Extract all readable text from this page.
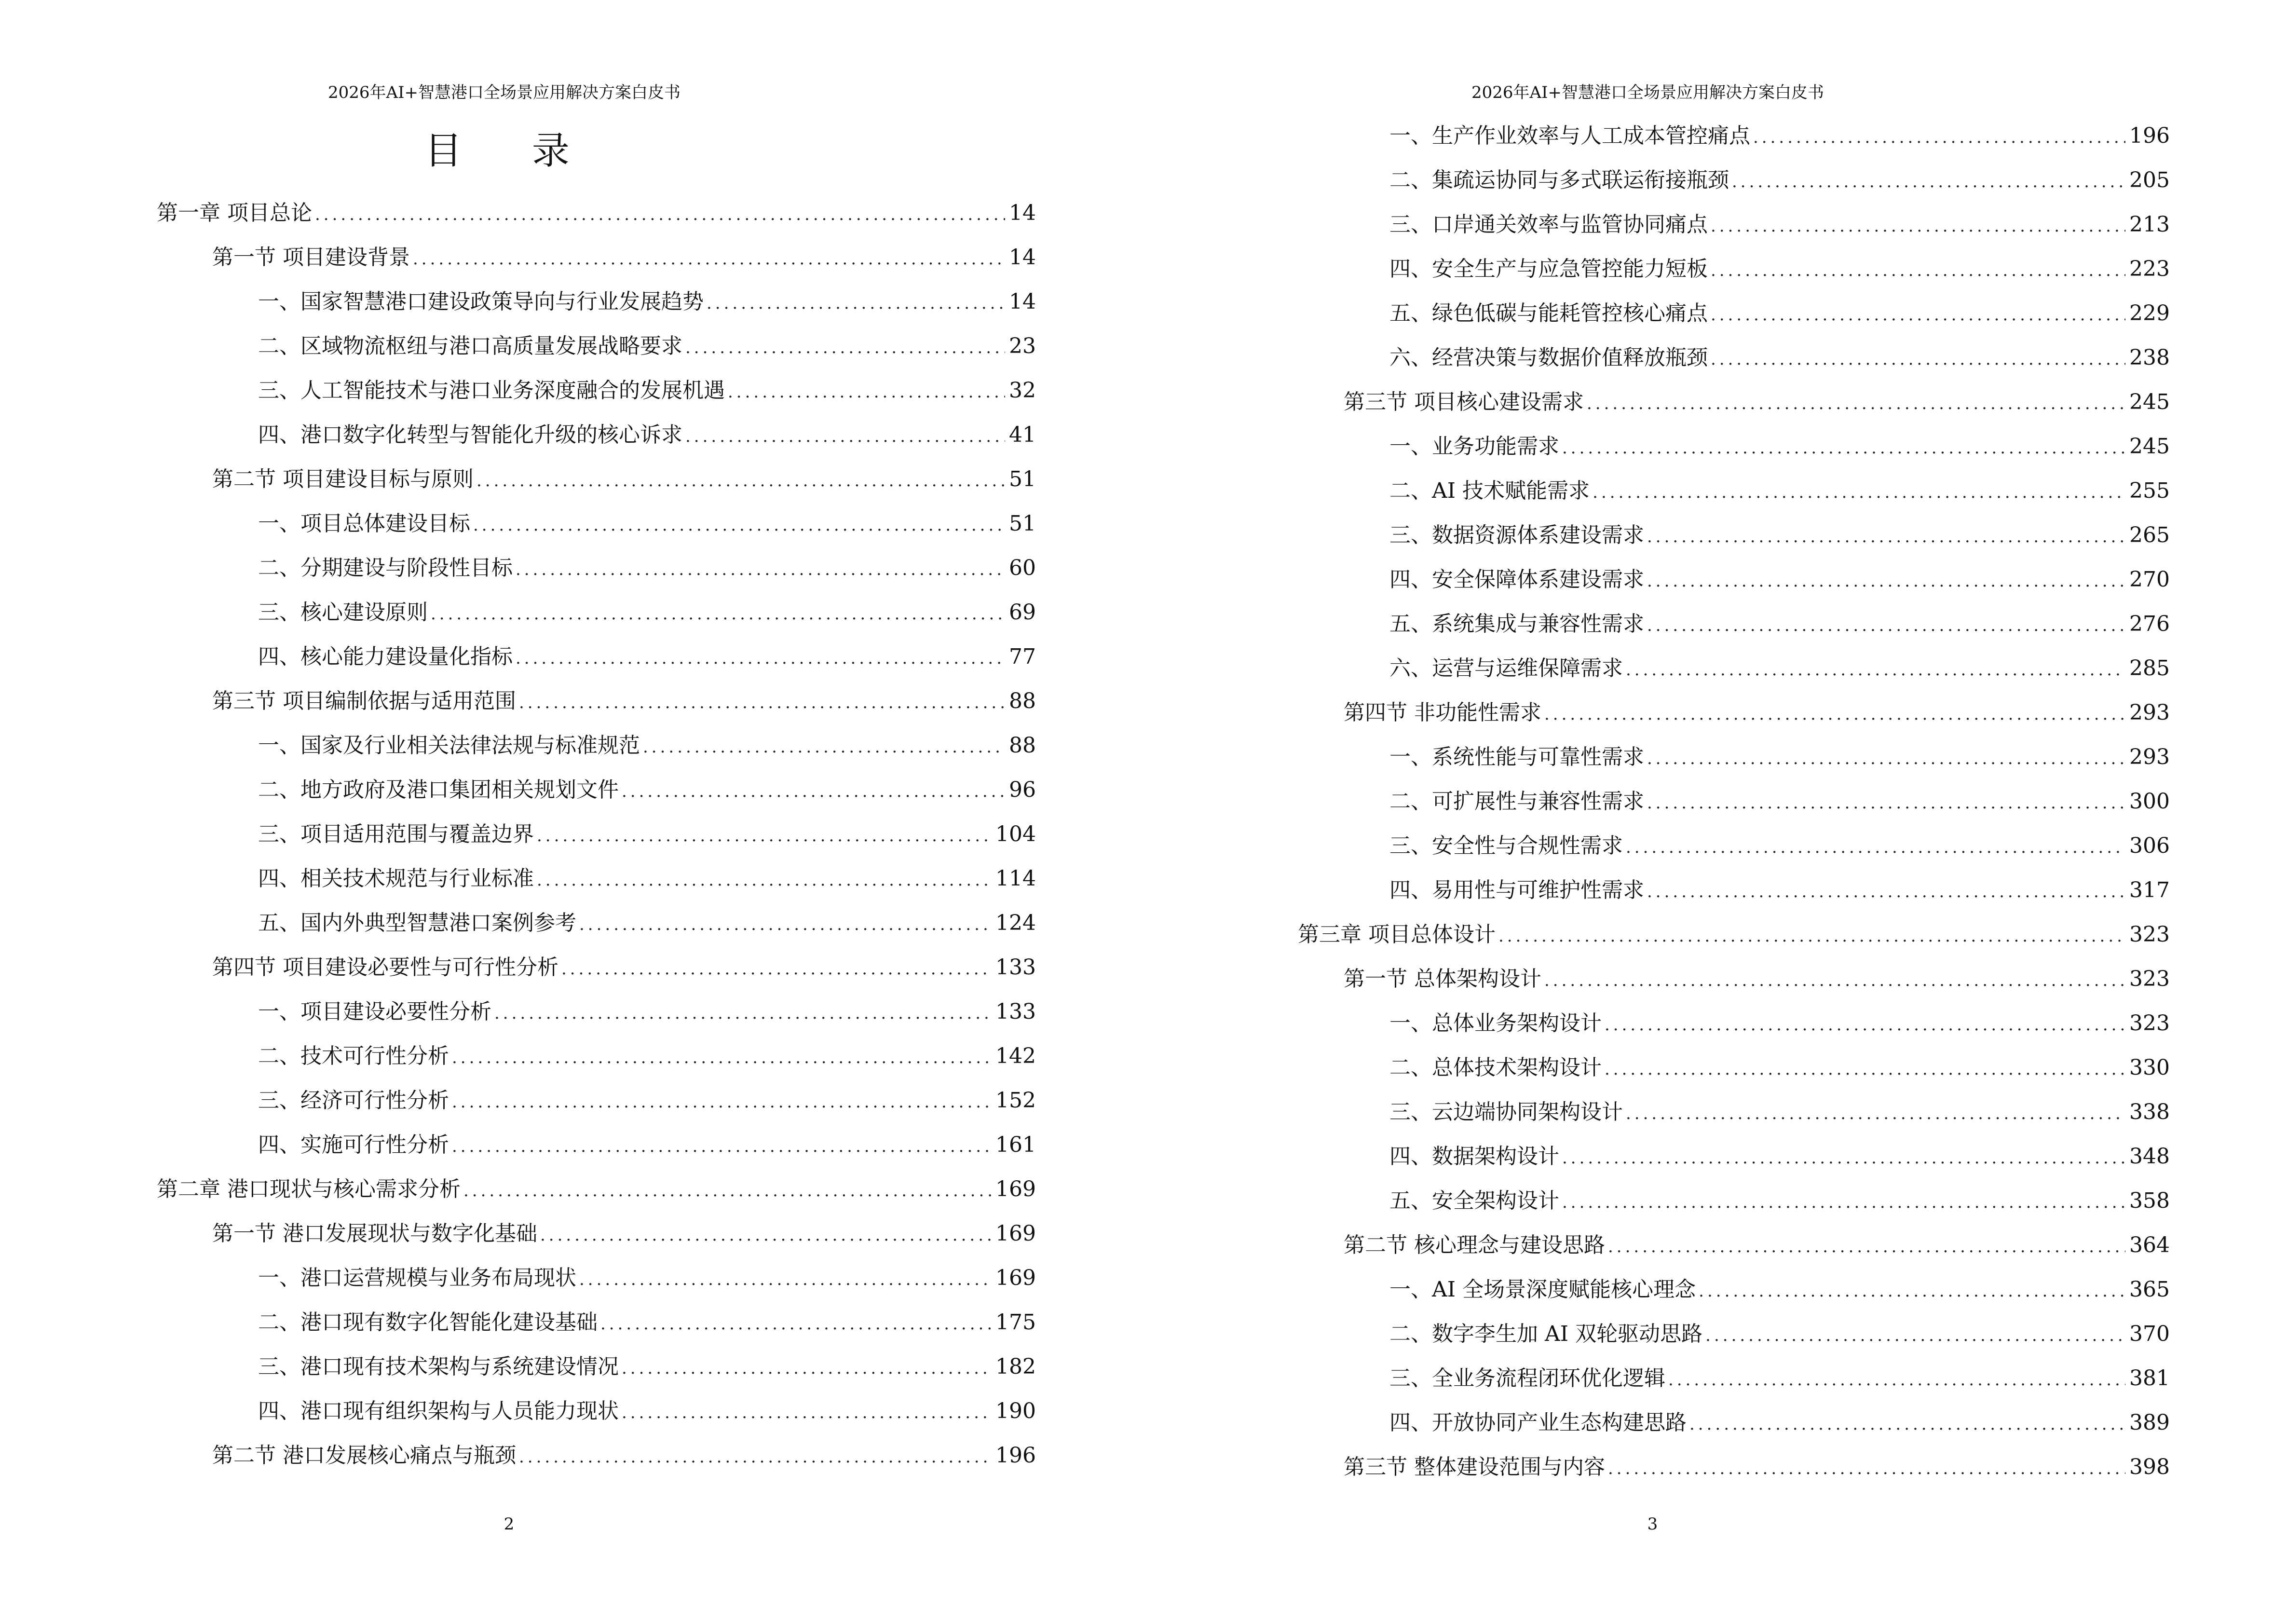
2026年AI+智慧港口全场景应用解决方案白皮书
目 录
第一章 项目总论 .....	14
第一节 项目建设背景 .....	14
一、国家智慧港口建设政策导向与行业发展趋势 .....	14
二、区域物流枢纽与港口高质量发展战略要求 .....	23
三、人工智能技术与港口业务深度融合的发展机遇 .....	32
四、港口数字化转型与智能化升级的核心诉求 .....	41
第二节 项目建设目标与原则 .....	51
一、项目总体建设目标 .....	51
二、分期建设与阶段性目标 .....	60
三、核心建设原则 .....	69
四、核心能力建设量化指标 .....	77
第三节 项目编制依据与适用范围 .....	88
一、国家及行业相关法律法规与标准规范 .....	88
二、地方政府及港口集团相关规划文件 .....	96
三、项目适用范围与覆盖边界 .....	104
四、相关技术规范与行业标准 .....	114
五、国内外典型智慧港口案例参考 .....	124
第四节 项目建设必要性与可行性分析 .....	133
一、项目建设必要性分析 .....	133
二、技术可行性分析 .....	142
三、经济可行性分析 .....	152
四、实施可行性分析 .....	161
第二章 港口现状与核心需求分析 .....	169
第一节 港口发展现状与数字化基础 .....	169
一、港口运营规模与业务布局现状 .....	169
二、港口现有数字化智能化建设基础 .....	175
三、港口现有技术架构与系统建设情况 .....	182
四、港口现有组织架构与人员能力现状 .....	190
第二节 港口发展核心痛点与瓶颈 .....	196
2
2026年AI+智慧港口全场景应用解决方案白皮书
一、生产作业效率与人工成本管控痛点 .....	196
二、集疏运协同与多式联运衔接瓶颈 .....	205
三、口岸通关效率与监管协同痛点 .....	213
四、安全生产与应急管控能力短板 .....	223
五、绿色低碳与能耗管控核心痛点 .....	229
六、经营决策与数据价值释放瓶颈 .....	238
第三节 项目核心建设需求 .....	245
一、业务功能需求 .....	245
二、AI 技术赋能需求 .....	255
三、数据资源体系建设需求 .....	265
四、安全保障体系建设需求 .....	270
五、系统集成与兼容性需求 .....	276
六、运营与运维保障需求 .....	285
第四节 非功能性需求 .....	293
一、系统性能与可靠性需求 .....	293
二、可扩展性与兼容性需求 .....	300
三、安全性与合规性需求 .....	306
四、易用性与可维护性需求 .....	317
第三章 项目总体设计 .....	323
第一节 总体架构设计 .....	323
一、总体业务架构设计 .....	323
二、总体技术架构设计 .....	330
三、云边端协同架构设计 .....	338
四、数据架构设计 .....	348
五、安全架构设计 .....	358
第二节 核心理念与建设思路 .....	364
一、AI 全场景深度赋能核心理念 .....	365
二、数字李生加 AI 双轮驱动思路 .....	370
三、全业务流程闭环优化逻辑 .....	381
四、开放协同产业生态构建思路 .....	389
第三节 整体建设范围与内容 .....	398
3
